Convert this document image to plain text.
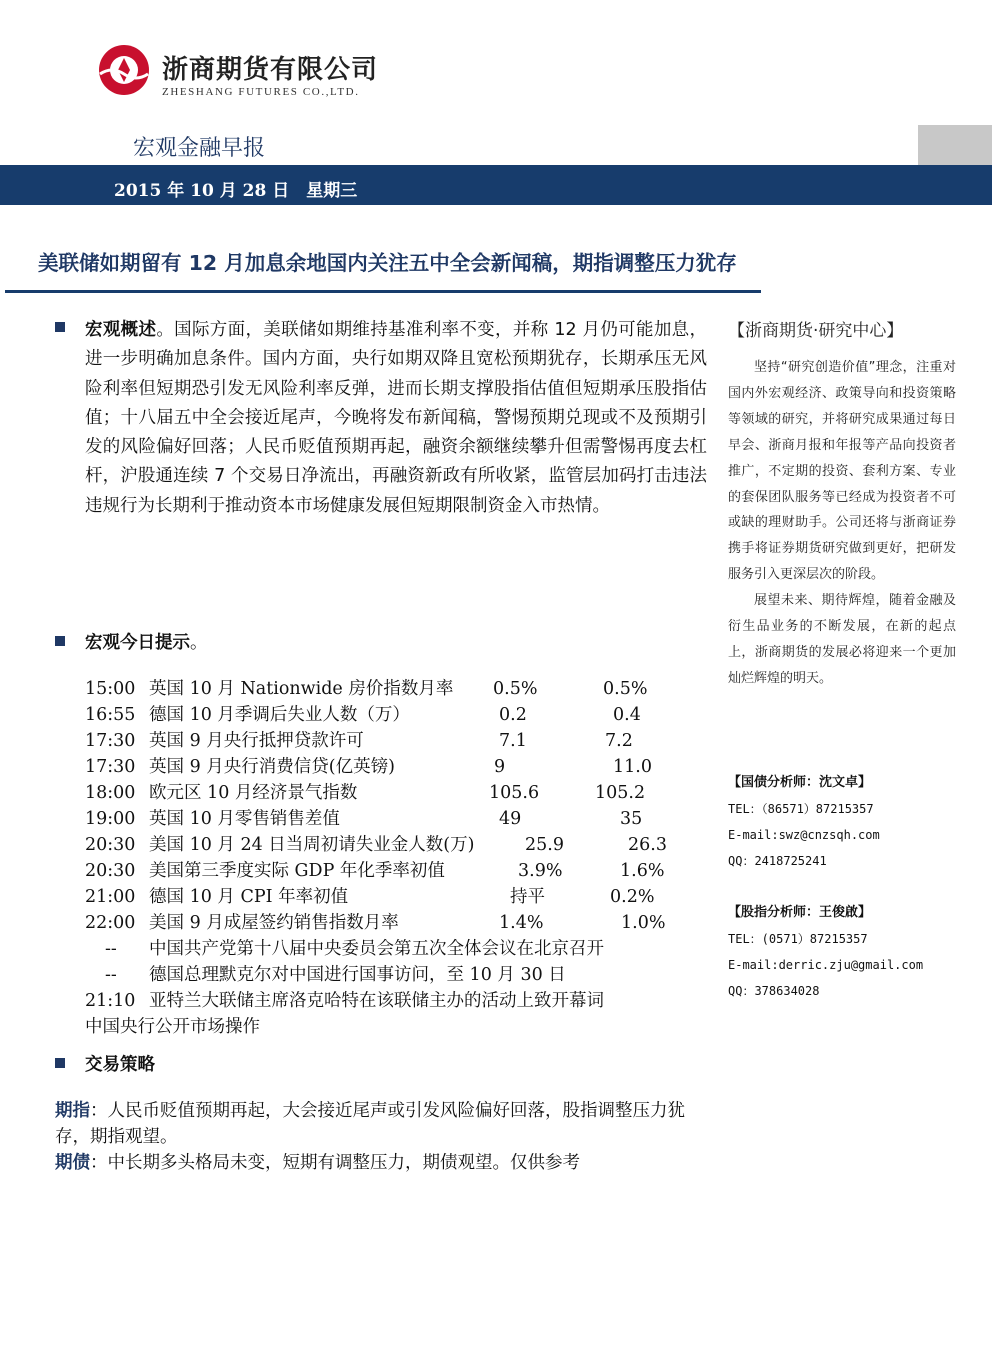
浙商期货有限公司
ZHESHANG FUTURES CO.,LTD.
宏观金融早报
2015 年 10 月 28 日　星期三
美联储如期留有 12 月加息余地国内关注五中全会新闻稿，期指调整压力犹存
宏观概述。国际方面，美联储如期维持基准利率不变，并称 12 月仍可能加息，进一步明确加息条件。国内方面，央行如期双降且宽松预期犹存，长期承压无风险利率但短期恐引发无风险利率反弹，进而长期支撑股指估值但短期承压股指估值；十八届五中全会接近尾声，今晚将发布新闻稿，警惕预期兑现或不及预期引发的风险偏好回落；人民币贬值预期再起，融资余额继续攀升但需警惕再度去杠杆，沪股通连续 7 个交易日净流出，再融资新政有所收紧，监管层加码打击违法违规行为长期利于推动资本市场健康发展但短期限制资金入市热情。
宏观今日提示。
15:00 英国 10 月 Nationwide 房价指数月率 0.5%	0.5%
16:55 德国 10 月季调后失业人数（万）	0.2	0.4
17:30 英国 9 月央行抵押贷款许可	7.1	7.2
17:30 英国 9 月央行消费信贷(亿英镑)	9	11.0
18:00 欧元区 10 月经济景气指数	105.6	105.2
19:00 英国 10 月零售销售差值	49	35
20:30 美国 10 月 24 日当周初请失业金人数(万)	25.9	26.3
20:30 美国第三季度实际 GDP 年化季率初值	3.9%	1.6%
21:00 德国 10 月 CPI 年率初值	持平	0.2%
22:00 美国 9 月成屋签约销售指数月率	1.4%	1.0%
-- 中国共产党第十八届中央委员会第五次全体会议在北京召开
-- 德国总理默克尔对中国进行国事访问，至 10 月 30 日
21:10 亚特兰大联储主席洛克哈特在该联储主办的活动上致开幕词
中国央行公开市场操作
交易策略
期指：人民币贬值预期再起，大会接近尾声或引发风险偏好回落，股指调整压力犹存，期指观望。
期债：中长期多头格局未变，短期有调整压力，期债观望。仅供参考
【浙商期货·研究中心】

坚持“研究创造价值”理念，注重对国内外宏观经济、政策导向和投资策略等领域的研究，并将研究成果通过每日早会、浙商月报和年报等产品向投资者推广，不定期的投资、套利方案、专业的套保团队服务等已经成为投资者不可或缺的理财助手。公司还将与浙商证券携手将证券期货研究做到更好，把研发服务引入更深层次的阶段。

展望未来、期待辉煌，随着金融及衍生品业务的不断发展，在新的起点上，浙商期货的发展必将迎来一个更加灿烂辉煌的明天。

【国债分析师：沈文卓】
TEL：（86571）87215357
E-mail:swz@cnzsqh.com
QQ：2418725241
【股指分析师：王俊啟】
TEL：(0571）87215357
E-mail:derric.zju@gmail.com
QQ：378634028
